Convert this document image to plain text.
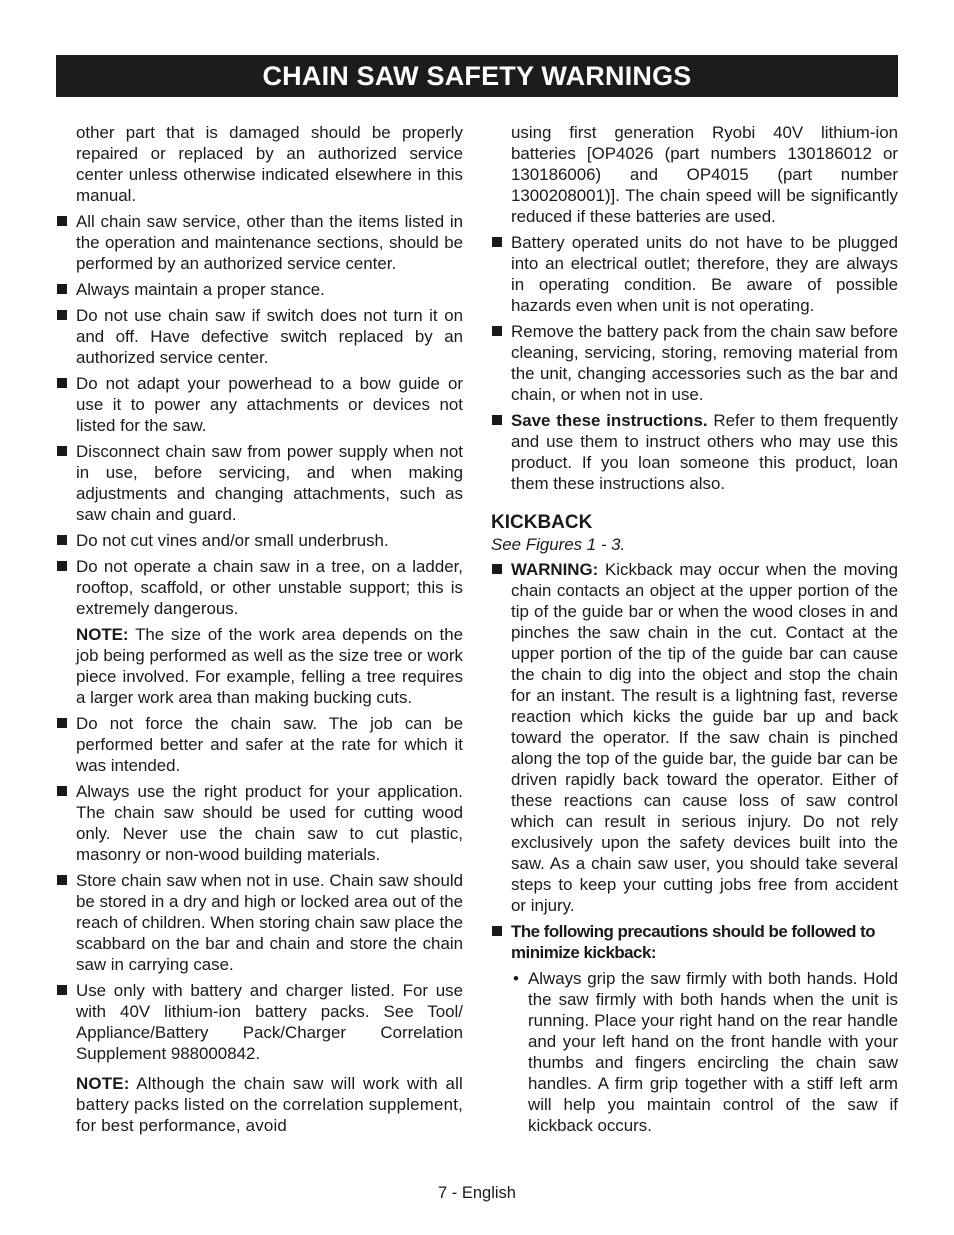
CHAIN SAW SAFETY WARNINGS

other part that is damaged should be properly repaired or replaced by an authorized service center unless otherwise indicated elsewhere in this manual.

All chain saw service, other than the items listed in the operation and maintenance sections, should be performed by an authorized service center.
Always maintain a proper stance.
Do not use chain saw if switch does not turn it on and off. Have defective switch replaced by an authorized service center.
Do not adapt your powerhead to a bow guide or use it to power any attachments or devices not listed for the saw.
Disconnect chain saw from power supply when not in use, before servicing, and when making adjustments and changing attachments, such as saw chain and guard.
Do not cut vines and/or small underbrush.
Do not operate a chain saw in a tree, on a ladder, rooftop, scaffold, or other unstable support; this is extremely dangerous.

NOTE: The size of the work area depends on the job being performed as well as the size tree or work piece involved. For example, felling a tree requires a larger work area than making bucking cuts.

Do not force the chain saw. The job can be performed better and safer at the rate for which it was intended.
Always use the right product for your application. The chain saw should be used for cutting wood only. Never use the chain saw to cut plastic, masonry or non-wood building materials.
Store chain saw when not in use. Chain saw should be stored in a dry and high or locked area out of the reach of children. When storing chain saw place the scabbard on the bar and chain and store the chain saw in carrying case.
Use only with battery and charger listed. For use with 40V lithium-ion battery packs. See Tool/ Appliance/Battery Pack/Charger Correlation Supplement 988000842.

NOTE: Although the chain saw will work with all battery packs listed on the correlation supplement, for best performance, avoid

using first generation Ryobi 40V lithium-ion batteries [OP4026 (part numbers 130186012 or 130186006) and OP4015 (part number 1300208001)]. The chain speed will be significantly reduced if these batteries are used.

Battery operated units do not have to be plugged into an electrical outlet; therefore, they are always in operating condition. Be aware of possible hazards even when unit is not operating.
Remove the battery pack from the chain saw before cleaning, servicing, storing, removing material from the unit, changing accessories such as the bar and chain, or when not in use.
Save these instructions. Refer to them frequently and use them to instruct others who may use this product. If you loan someone this product, loan them these instructions also.
KICKBACK

See Figures 1 - 3.

WARNING: Kickback may occur when the moving chain contacts an object at the upper portion of the tip of the guide bar or when the wood closes in and pinches the saw chain in the cut. Contact at the upper portion of the tip of the guide bar can cause the chain to dig into the object and stop the chain for an instant. The result is a lightning fast, reverse reaction which kicks the guide bar up and back toward the operator. If the saw chain is pinched along the top of the guide bar, the guide bar can be driven rapidly back toward the operator. Either of these reactions can cause loss of saw control which can result in serious injury. Do not rely exclusively upon the safety devices built into the saw. As a chain saw user, you should take several steps to keep your cutting jobs free from accident or injury.
The following precautions should be followed to minimize kickback:
• Always grip the saw firmly with both hands. Hold the saw firmly with both hands when the unit is running. Place your right hand on the rear handle and your left hand on the front handle with your thumbs and fingers encircling the chain saw handles. A firm grip together with a stiff left arm will help you maintain control of the saw if kickback occurs.
7 - English
